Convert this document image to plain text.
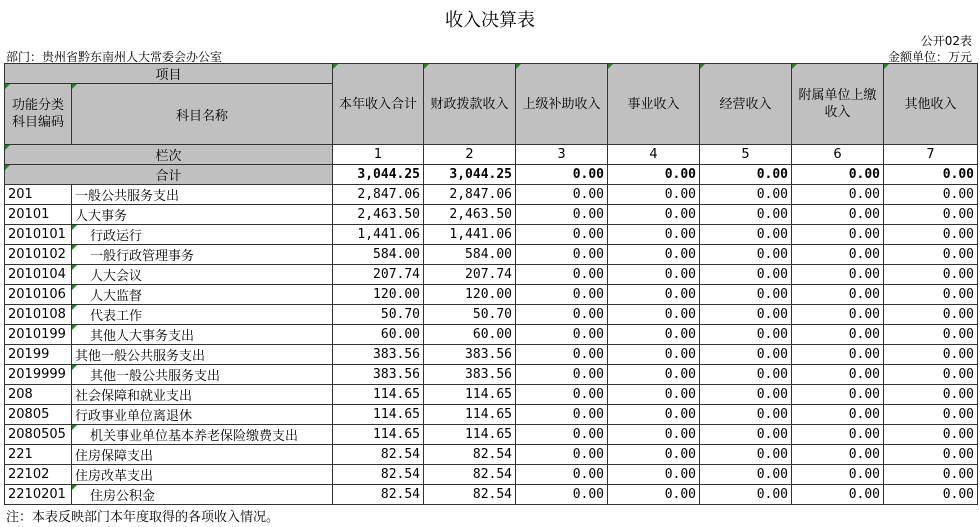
收入决算表
公开02表
部门：贵州省黔东南州人大常委会办公室	金额单位：万元
项目		本年收入合计	财政拨款收入	上级补助收入	事业收入	经营收入	附属单位上缴收入	其他收入
功能分类科目编码	科目名称							
栏次		1	2	3	4	5	6	7
合计		3,044.25	3,044.25	0.00	0.00	0.00	0.00	0.00
201	一般公共服务支出	2,847.06	2,847.06	0.00	0.00	0.00	0.00	0.00
20101	人大事务	2,463.50	2,463.50	0.00	0.00	0.00	0.00	0.00
2010101	行政运行	1,441.06	1,441.06	0.00	0.00	0.00	0.00	0.00
2010102	一般行政管理事务	584.00	584.00	0.00	0.00	0.00	0.00	0.00
2010104	人大会议	207.74	207.74	0.00	0.00	0.00	0.00	0.00
2010106	人大监督	120.00	120.00	0.00	0.00	0.00	0.00	0.00
2010108	代表工作	50.70	50.70	0.00	0.00	0.00	0.00	0.00
2010199	其他人大事务支出	60.00	60.00	0.00	0.00	0.00	0.00	0.00
20199	其他一般公共服务支出	383.56	383.56	0.00	0.00	0.00	0.00	0.00
2019999	其他一般公共服务支出	383.56	383.56	0.00	0.00	0.00	0.00	0.00
208	社会保障和就业支出	114.65	114.65	0.00	0.00	0.00	0.00	0.00
20805	行政事业单位离退休	114.65	114.65	0.00	0.00	0.00	0.00	0.00
2080505	机关事业单位基本养老保险缴费支出	114.65	114.65	0.00	0.00	0.00	0.00	0.00
221	住房保障支出	82.54	82.54	0.00	0.00	0.00	0.00	0.00
22102	住房改革支出	82.54	82.54	0.00	0.00	0.00	0.00	0.00
2210201	住房公积金	82.54	82.54	0.00	0.00	0.00	0.00	0.00
注：本表反映部门本年度取得的各项收入情况。
